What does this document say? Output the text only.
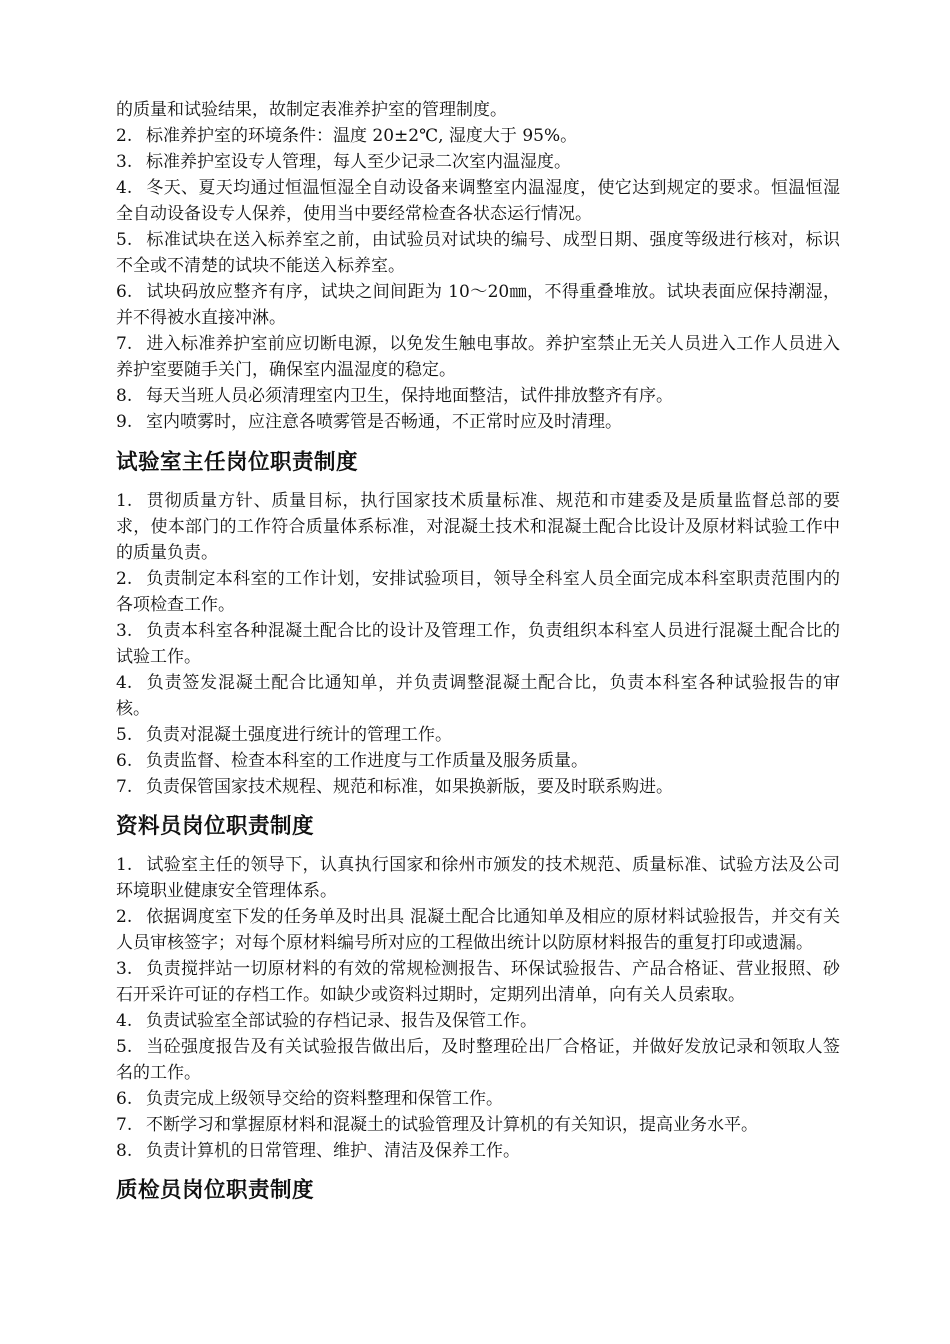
的质量和试验结果，故制定表准养护室的管理制度。

2. 标准养护室的环境条件：温度 20±2℃, 湿度大于 95%。

3. 标准养护室设专人管理，每人至少记录二次室内温湿度。

4. 冬天、夏天均通过恒温恒湿全自动设备来调整室内温湿度，使它达到规定的要求。恒温恒湿全自动设备设专人保养，使用当中要经常检查各状态运行情况。

5. 标准试块在送入标养室之前，由试验员对试块的编号、成型日期、强度等级进行核对，标识不全或不清楚的试块不能送入标养室。

6. 试块码放应整齐有序，试块之间间距为 10～20㎜，不得重叠堆放。试块表面应保持潮湿，并不得被水直接冲淋。

7. 进入标准养护室前应切断电源，以免发生触电事故。养护室禁止无关人员进入工作人员进入养护室要随手关门，确保室内温湿度的稳定。

8. 每天当班人员必须清理室内卫生，保持地面整洁，试件排放整齐有序。

9. 室内喷雾时，应注意各喷雾管是否畅通，不正常时应及时清理。

试验室主任岗位职责制度

1. 贯彻质量方针、质量目标，执行国家技术质量标准、规范和市建委及是质量监督总部的要求，使本部门的工作符合质量体系标准，对混凝土技术和混凝土配合比设计及原材料试验工作中的质量负责。

2. 负责制定本科室的工作计划，安排试验项目，领导全科室人员全面完成本科室职责范围内的各项检查工作。

3. 负责本科室各种混凝土配合比的设计及管理工作，负责组织本科室人员进行混凝土配合比的试验工作。

4. 负责签发混凝土配合比通知单，并负责调整混凝土配合比，负责本科室各种试验报告的审核。

5. 负责对混凝土强度进行统计的管理工作。

6. 负责监督、检查本科室的工作进度与工作质量及服务质量。

7. 负责保管国家技术规程、规范和标准，如果换新版，要及时联系购进。

资料员岗位职责制度

1. 试验室主任的领导下，认真执行国家和徐州市颁发的技术规范、质量标准、试验方法及公司环境职业健康安全管理体系。

2. 依据调度室下发的任务单及时出具 混凝土配合比通知单及相应的原材料试验报告，并交有关人员审核签字；对每个原材料编号所对应的工程做出统计以防原材料报告的重复打印或遗漏。

3. 负责搅拌站一切原材料的有效的常规检测报告、环保试验报告、产品合格证、营业报照、砂石开采许可证的存档工作。如缺少或资料过期时，定期列出清单，向有关人员索取。

4. 负责试验室全部试验的存档记录、报告及保管工作。

5. 当砼强度报告及有关试验报告做出后，及时整理砼出厂合格证，并做好发放记录和领取人签名的工作。

6. 负责完成上级领导交给的资料整理和保管工作。

7. 不断学习和掌握原材料和混凝土的试验管理及计算机的有关知识，提高业务水平。

8. 负责计算机的日常管理、维护、清洁及保养工作。

质检员岗位职责制度
